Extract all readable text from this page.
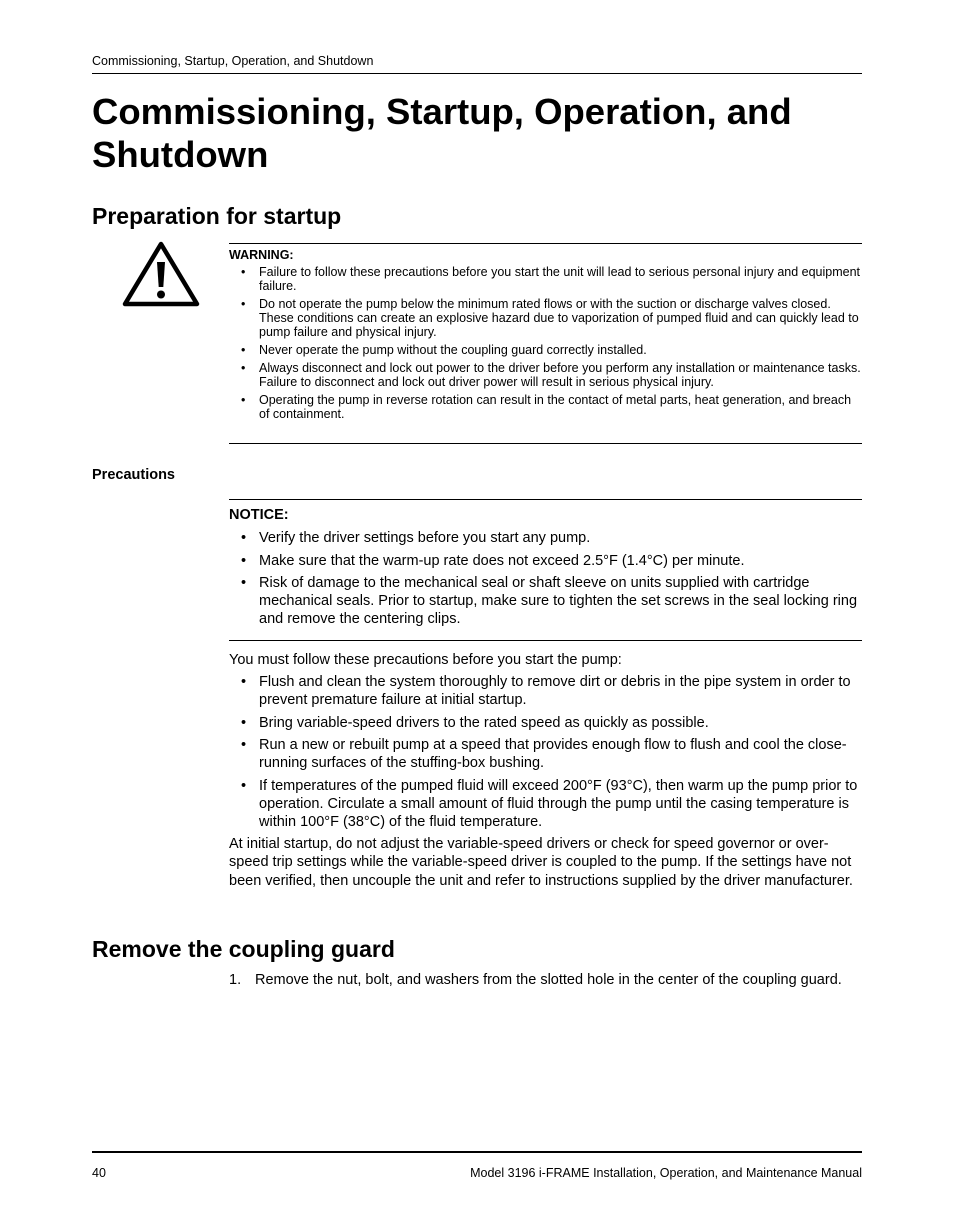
Commissioning, Startup, Operation, and Shutdown
Commissioning, Startup, Operation, and Shutdown
Preparation for startup
WARNING:
• Failure to follow these precautions before you start the unit will lead to serious personal injury and equipment failure.
• Do not operate the pump below the minimum rated flows or with the suction or discharge valves closed. These conditions can create an explosive hazard due to vaporization of pumped fluid and can quickly lead to pump failure and physical injury.
• Never operate the pump without the coupling guard correctly installed.
• Always disconnect and lock out power to the driver before you perform any installation or maintenance tasks. Failure to disconnect and lock out driver power will result in serious physical injury.
• Operating the pump in reverse rotation can result in the contact of metal parts, heat generation, and breach of containment.
Precautions
NOTICE:
• Verify the driver settings before you start any pump.
• Make sure that the warm-up rate does not exceed 2.5°F (1.4°C) per minute.
• Risk of damage to the mechanical seal or shaft sleeve on units supplied with cartridge mechanical seals. Prior to startup, make sure to tighten the set screws in the seal locking ring and remove the centering clips.

You must follow these precautions before you start the pump:

• Flush and clean the system thoroughly to remove dirt or debris in the pipe system in order to prevent premature failure at initial startup.
• Bring variable-speed drivers to the rated speed as quickly as possible.
• Run a new or rebuilt pump at a speed that provides enough flow to flush and cool the close-running surfaces of the stuffing-box bushing.
• If temperatures of the pumped fluid will exceed 200°F (93°C), then warm up the pump prior to operation. Circulate a small amount of fluid through the pump until the casing temperature is within 100°F (38°C) of the fluid temperature.

At initial startup, do not adjust the variable-speed drivers or check for speed governor or over-speed trip settings while the variable-speed driver is coupled to the pump. If the settings have not been verified, then uncouple the unit and refer to instructions supplied by the driver manufacturer.

Remove the coupling guard
1. Remove the nut, bolt, and washers from the slotted hole in the center of the coupling guard.
40	Model 3196 i-FRAME Installation, Operation, and Maintenance Manual
